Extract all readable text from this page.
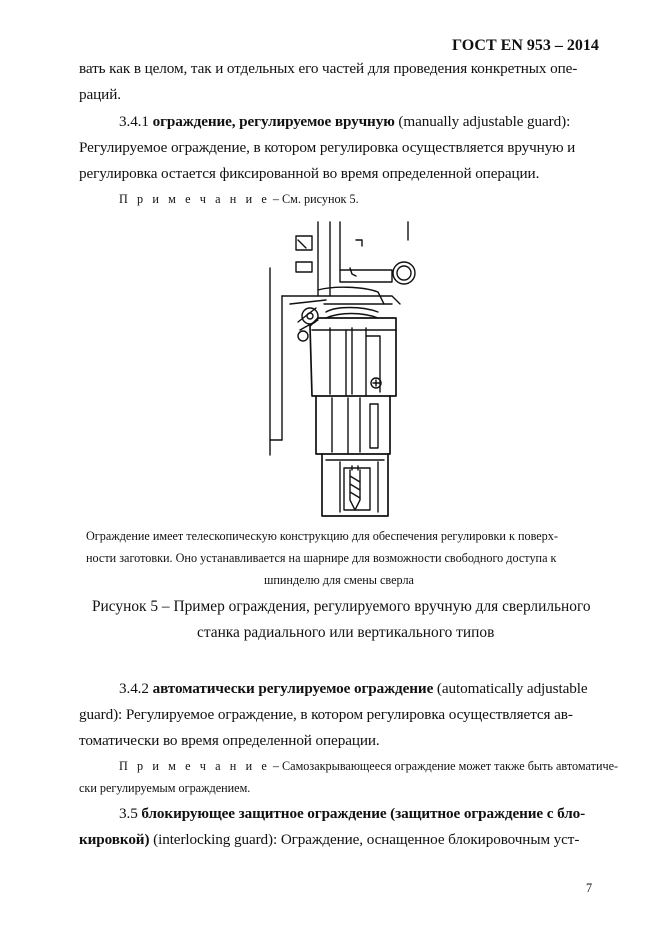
ГОСТ EN 953 – 2014
вать как в целом, так и отдельных его частей для проведения конкретных опе-
раций.
3.4.1 ограждение, регулируемое вручную (manually adjustable guard):
Регулируемое ограждение, в котором регулировка осуществляется вручную и
регулировка остается фиксированной во время определенной операции.
П р и м е ч а н и е – См. рисунок 5.
Ограждение имеет телескопическую конструкцию для обеспечения регулировки к поверх-
ности заготовки. Оно устанавливается на шарнире для возможности свободного доступа к
шпинделю для смены сверла
Рисунок 5 – Пример ограждения, регулируемого вручную для сверлильного
станка радиального или вертикального типов
3.4.2 автоматически регулируемое ограждение (automatically adjustable
guard): Регулируемое ограждение, в котором регулировка осуществляется ав-
томатически во время определенной операции.
П р и м е ч а н и е – Самозакрывающееся ограждение может также быть автоматиче-
ски регулируемым ограждением.
3.5 блокирующее защитное ограждение (защитное ограждение с бло-
кировкой) (interlocking guard): Ограждение, оснащенное блокировочным уст-
7
